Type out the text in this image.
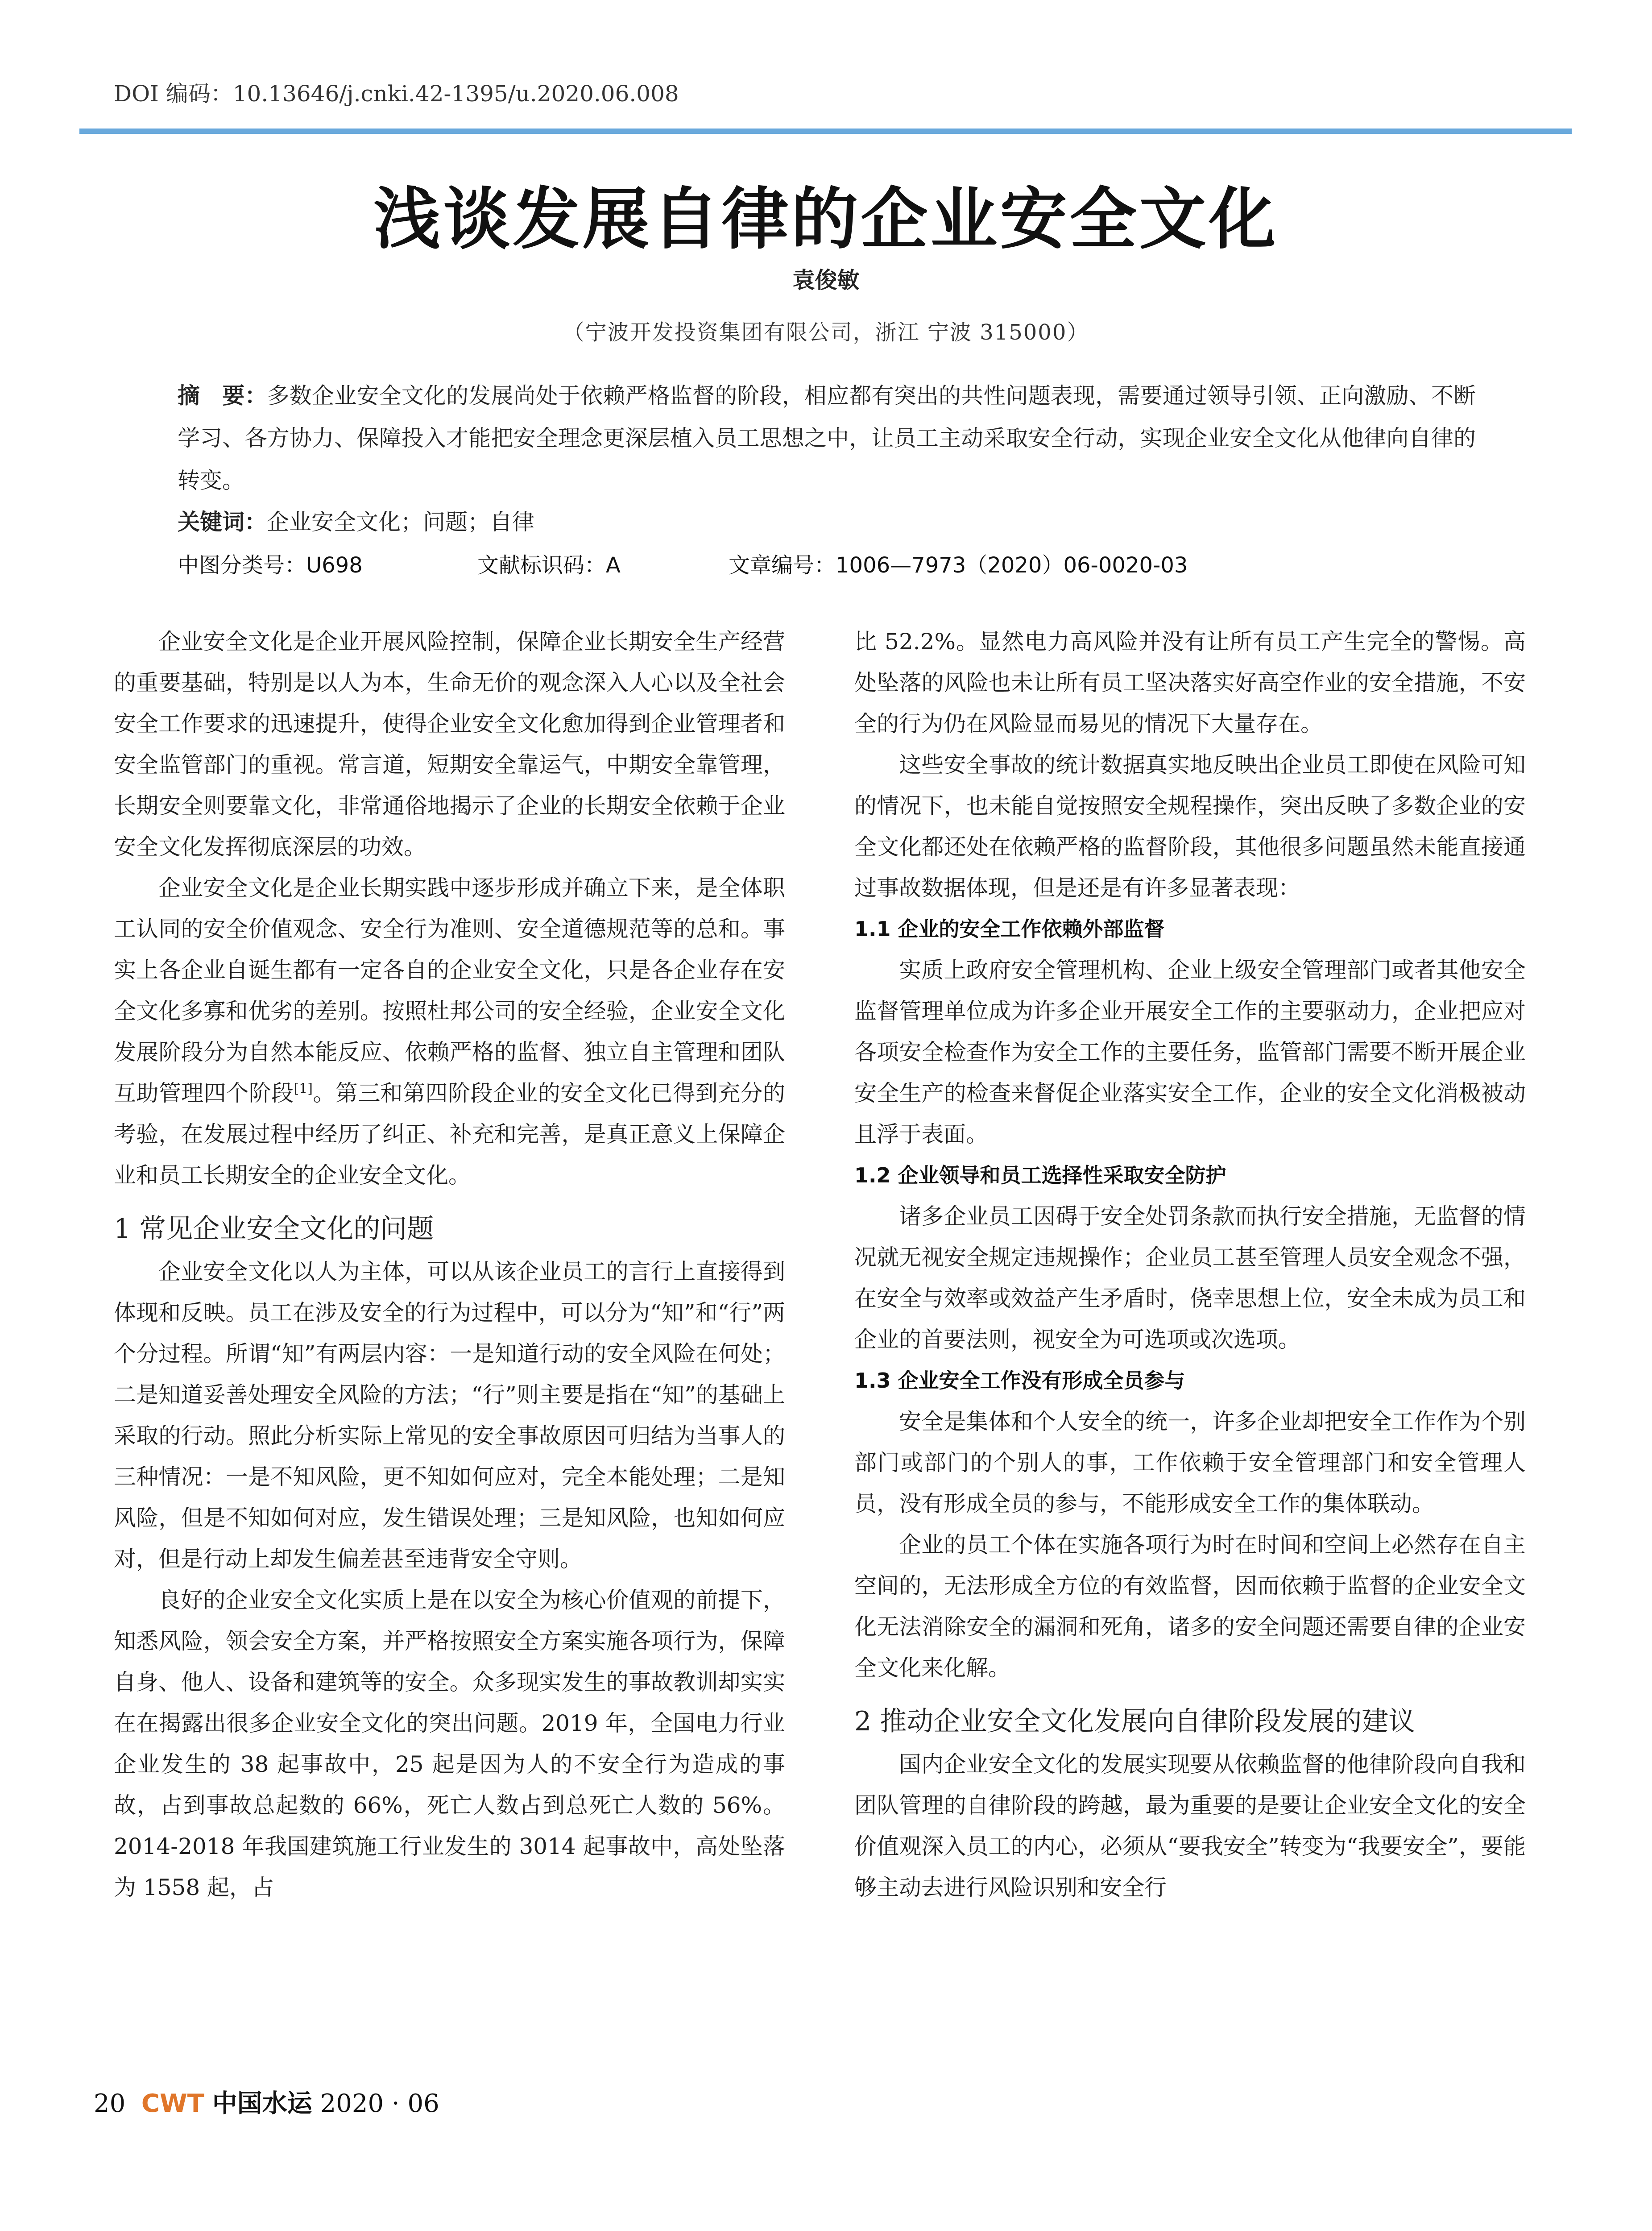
DOI 编码：10.13646/j.cnki.42-1395/u.2020.06.008
浅谈发展自律的企业安全文化
袁俊敏
（宁波开发投资集团有限公司，浙江 宁波 315000）
摘　要：多数企业安全文化的发展尚处于依赖严格监督的阶段，相应都有突出的共性问题表现，需要通过领导引领、正向激励、不断学习、各方协力、保障投入才能把安全理念更深层植入员工思想之中，让员工主动采取安全行动，实现企业安全文化从他律向自律的转变。
关键词：企业安全文化；问题；自律
中图分类号：U698	文献标识码：A	文章编号：1006—7973（2020）06-0020-03

企业安全文化是企业开展风险控制，保障企业长期安全生产经营的重要基础，特别是以人为本，生命无价的观念深入人心以及全社会安全工作要求的迅速提升，使得企业安全文化愈加得到企业管理者和安全监管部门的重视。常言道，短期安全靠运气，中期安全靠管理，长期安全则要靠文化，非常通俗地揭示了企业的长期安全依赖于企业安全文化发挥彻底深层的功效。

企业安全文化是企业长期实践中逐步形成并确立下来，是全体职工认同的安全价值观念、安全行为准则、安全道德规范等的总和。事实上各企业自诞生都有一定各自的企业安全文化，只是各企业存在安全文化多寡和优劣的差别。按照杜邦公司的安全经验，企业安全文化发展阶段分为自然本能反应、依赖严格的监督、独立自主管理和团队互助管理四个阶段[1]。第三和第四阶段企业的安全文化已得到充分的考验，在发展过程中经历了纠正、补充和完善，是真正意义上保障企业和员工长期安全的企业安全文化。

1 常见企业安全文化的问题

企业安全文化以人为主体，可以从该企业员工的言行上直接得到体现和反映。员工在涉及安全的行为过程中，可以分为“知”和“行”两个分过程。所谓“知”有两层内容：一是知道行动的安全风险在何处；二是知道妥善处理安全风险的方法；“行”则主要是指在“知”的基础上采取的行动。照此分析实际上常见的安全事故原因可归结为当事人的三种情况：一是不知风险，更不知如何应对，完全本能处理；二是知风险，但是不知如何对应，发生错误处理；三是知风险，也知如何应对，但是行动上却发生偏差甚至违背安全守则。

良好的企业安全文化实质上是在以安全为核心价值观的前提下，知悉风险，领会安全方案，并严格按照安全方案实施各项行为，保障自身、他人、设备和建筑等的安全。众多现实发生的事故教训却实实在在揭露出很多企业安全文化的突出问题。2019 年，全国电力行业企业发生的 38 起事故中，25 起是因为人的不安全行为造成的事故，占到事故总起数的 66%，死亡人数占到总死亡人数的 56%。2014-2018 年我国建筑施工行业发生的 3014 起事故中，高处坠落为 1558 起，占

比 52.2%。显然电力高风险并没有让所有员工产生完全的警惕。高处坠落的风险也未让所有员工坚决落实好高空作业的安全措施，不安全的行为仍在风险显而易见的情况下大量存在。

这些安全事故的统计数据真实地反映出企业员工即使在风险可知的情况下，也未能自觉按照安全规程操作，突出反映了多数企业的安全文化都还处在依赖严格的监督阶段，其他很多问题虽然未能直接通过事故数据体现，但是还是有许多显著表现：

1.1 企业的安全工作依赖外部监督

实质上政府安全管理机构、企业上级安全管理部门或者其他安全监督管理单位成为许多企业开展安全工作的主要驱动力，企业把应对各项安全检查作为安全工作的主要任务，监管部门需要不断开展企业安全生产的检查来督促企业落实安全工作，企业的安全文化消极被动且浮于表面。

1.2 企业领导和员工选择性采取安全防护

诸多企业员工因碍于安全处罚条款而执行安全措施，无监督的情况就无视安全规定违规操作；企业员工甚至管理人员安全观念不强，在安全与效率或效益产生矛盾时，侥幸思想上位，安全未成为员工和企业的首要法则，视安全为可选项或次选项。

1.3 企业安全工作没有形成全员参与

安全是集体和个人安全的统一，许多企业却把安全工作作为个别部门或部门的个别人的事，工作依赖于安全管理部门和安全管理人员，没有形成全员的参与，不能形成安全工作的集体联动。

企业的员工个体在实施各项行为时在时间和空间上必然存在自主空间的，无法形成全方位的有效监督，因而依赖于监督的企业安全文化无法消除安全的漏洞和死角，诸多的安全问题还需要自律的企业安全文化来化解。

2 推动企业安全文化发展向自律阶段发展的建议

国内企业安全文化的发展实现要从依赖监督的他律阶段向自我和团队管理的自律阶段的跨越，最为重要的是要让企业安全文化的安全价值观深入员工的内心，必须从“要我安全”转变为“我要安全”，要能够主动去进行风险识别和安全行

20 CWT 中国水运 2020 · 06
